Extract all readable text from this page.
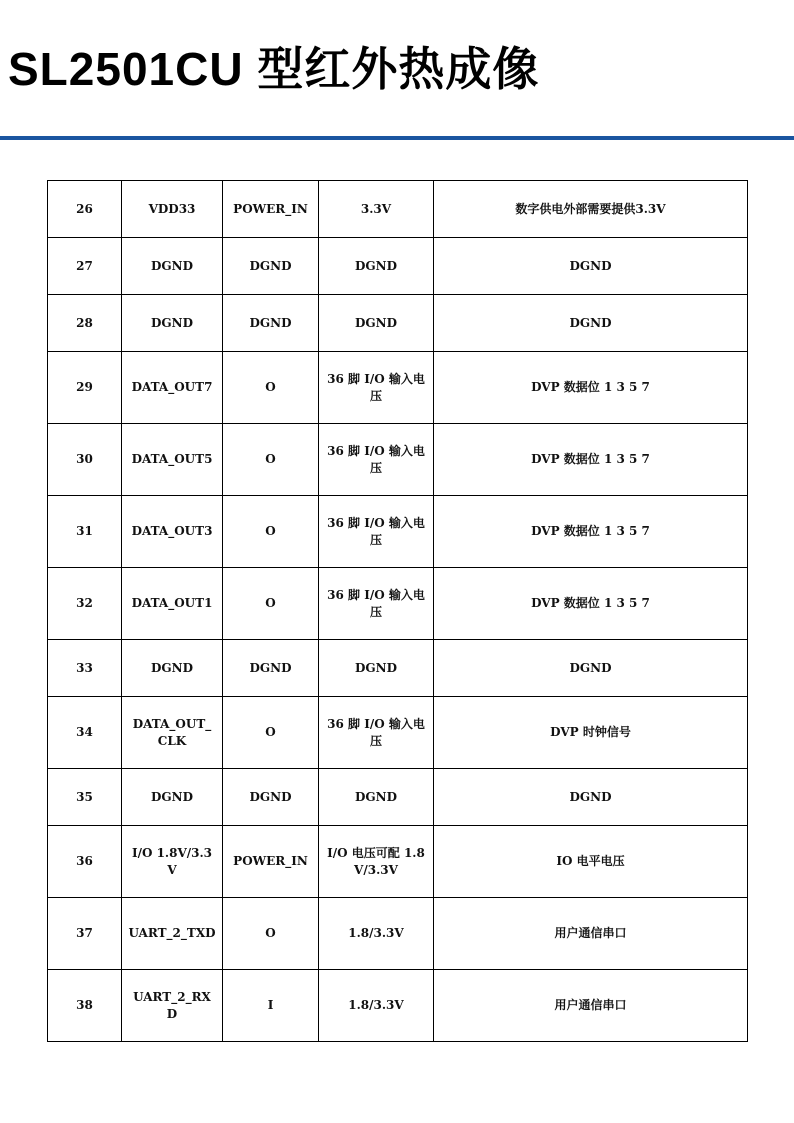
SL2501CU 型红外热成像
26	VDD33	POWER_IN	3.3V	数字供电外部需要提供3.3V
27	DGND	DGND	DGND	DGND
28	DGND	DGND	DGND	DGND
29	DATA_OUT7	O	36 脚 I/O 输入电压	DVP 数据位 1 3 5 7
30	DATA_OUT5	O	36 脚 I/O 输入电压	DVP 数据位 1 3 5 7
31	DATA_OUT3	O	36 脚 I/O 输入电压	DVP 数据位 1 3 5 7
32	DATA_OUT1	O	36 脚 I/O 输入电压	DVP 数据位 1 3 5 7
33	DGND	DGND	DGND	DGND
34	DATA_OUT_CLK	O	36 脚 I/O 输入电压	DVP 时钟信号
35	DGND	DGND	DGND	DGND
36	I/O 1.8V/3.3V	POWER_IN	I/O 电压可配 1.8V/3.3V	IO 电平电压
37	UART_2_TXD	O	1.8/3.3V	用户通信串口
38	UART_2_RXD	I	1.8/3.3V	用户通信串口
